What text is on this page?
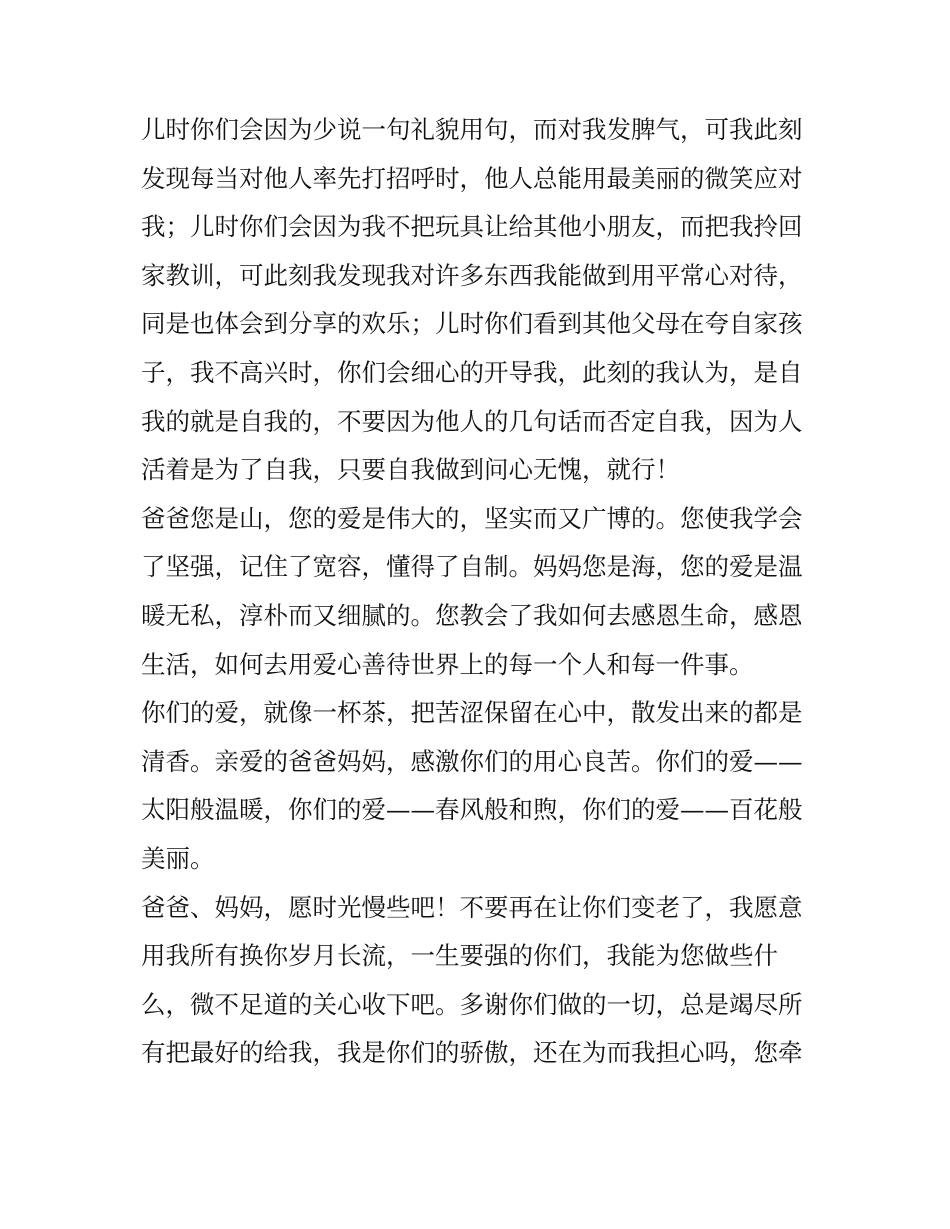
儿时你们会因为少说一句礼貌用句，而对我发脾气，可我此刻
发现每当对他人率先打招呼时，他人总能用最美丽的微笑应对
我；儿时你们会因为我不把玩具让给其他小朋友，而把我拎回
家教训，可此刻我发现我对许多东西我能做到用平常心对待，
同是也体会到分享的欢乐；儿时你们看到其他父母在夸自家孩
子，我不高兴时，你们会细心的开导我，此刻的我认为，是自
我的就是自我的，不要因为他人的几句话而否定自我，因为人
活着是为了自我，只要自我做到问心无愧，就行！
爸爸您是山，您的爱是伟大的，坚实而又广博的。您使我学会
了坚强，记住了宽容，懂得了自制。妈妈您是海，您的爱是温
暖无私，淳朴而又细腻的。您教会了我如何去感恩生命，感恩
生活，如何去用爱心善待世界上的每一个人和每一件事。
你们的爱，就像一杯茶，把苦涩保留在心中，散发出来的都是
清香。亲爱的爸爸妈妈，感激你们的用心良苦。你们的爱——
太阳般温暖，你们的爱——春风般和煦，你们的爱——百花般
美丽。
爸爸、妈妈，愿时光慢些吧！不要再在让你们变老了，我愿意
用我所有换你岁月长流，一生要强的你们，我能为您做些什
么，微不足道的关心收下吧。多谢你们做的一切，总是竭尽所
有把最好的给我，我是你们的骄傲，还在为而我担心吗，您牵
